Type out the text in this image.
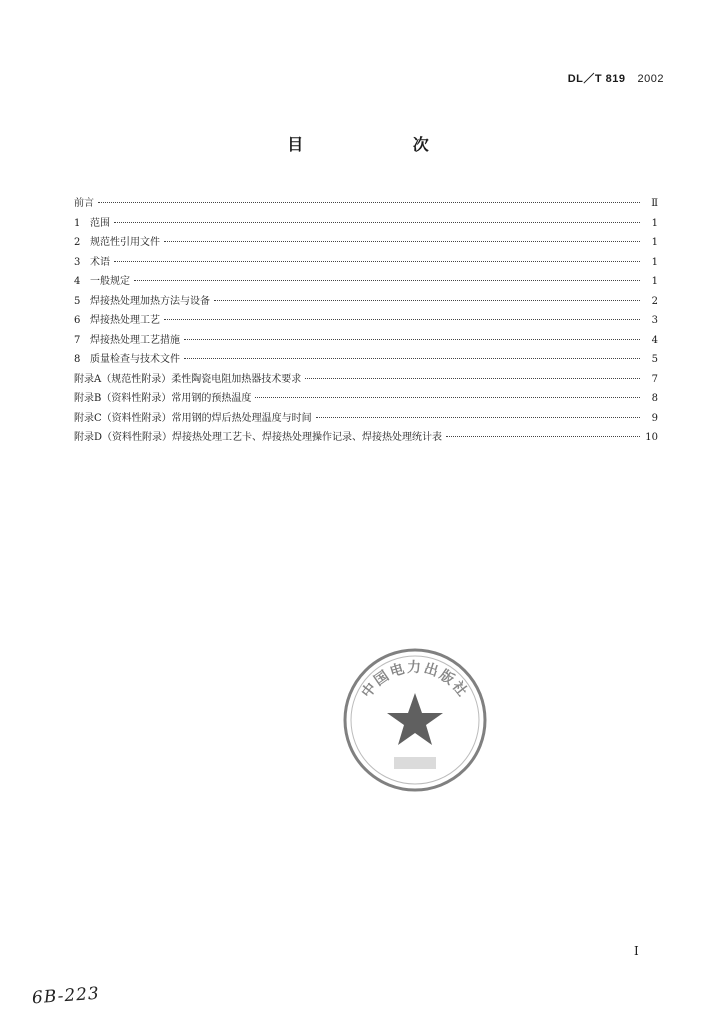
DL／T 819 2002
目 次
前言	Ⅱ
1 范围	1
2 规范性引用文件	1
3 术语	1
4 一般规定	1
5 焊接热处理加热方法与设备	2
6 焊接热处理工艺	3
7 焊接热处理工艺措施	4
8 质量检查与技术文件	5
附录A（规范性附录）柔性陶瓷电阻加热器技术要求	7
附录B（资料性附录）常用钢的预热温度	8
附录C（资料性附录）常用钢的焊后热处理温度与时间	9
附录D（资料性附录）焊接热处理工艺卡、焊接热处理操作记录、焊接热处理统计表	10
中国电力出版社
I
6B-223
